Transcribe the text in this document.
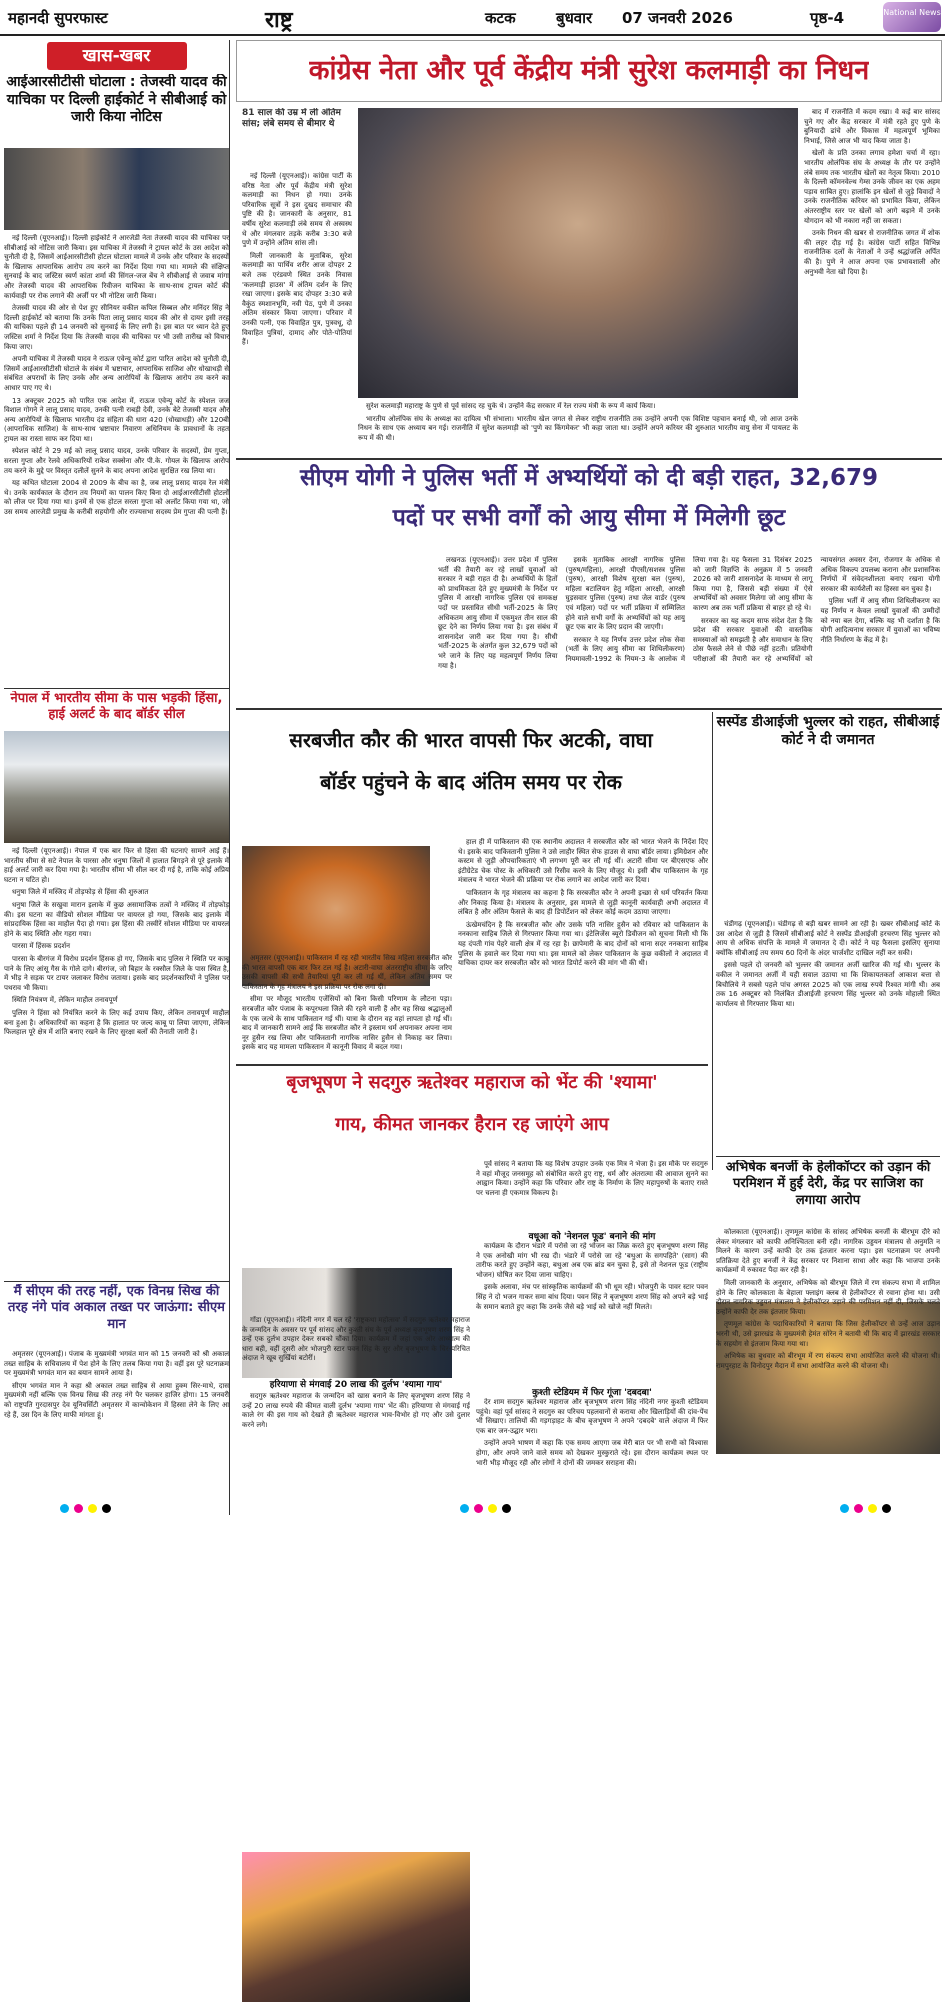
महानदी सुपरफास्ट	राष्ट्र	कटक	बुधवार 07 जनवरी 2026	पृष्ठ-4	National News
खास-खबर
आईआरसीटीसी घोटाला : तेजस्वी यादव की याचिका पर दिल्ली हाईकोर्ट ने सीबीआई को जारी किया नोटिस

नई दिल्ली (यूएनआई)। दिल्ली हाईकोर्ट ने आरजेडी नेता तेजस्वी यादव की याचिका पर सीबीआई को नोटिस जारी किया। इस याचिका में तेजस्वी ने ट्रायल कोर्ट के उस आदेश को चुनौती दी है, जिसमें आईआरसीटीसी होटल घोटाला मामले में उनके और परिवार के सदस्यों के खिलाफ आपराधिक आरोप तय करने का निर्देश दिया गया था। मामले की संक्षिप्त सुनवाई के बाद जस्टिस स्वर्ण कांता शर्मा की सिंगल-जज बेंच ने सीबीआई से जवाब मांगा और तेजस्वी यादव की आपराधिक रिवीजन याचिका के साथ-साथ ट्रायल कोर्ट की कार्यवाही पर रोक लगाने की अर्जी पर भी नोटिस जारी किया।

तेजस्वी यादव की ओर से पेश हुए सीनियर वकील कपिल सिब्बल और मनिंदर सिंह ने दिल्ली हाईकोर्ट को बताया कि उनके पिता लालू प्रसाद यादव की ओर से दायर इसी तरह की याचिका पहले ही 14 जनवरी को सुनवाई के लिए लगी है। इस बात पर ध्यान देते हुए जस्टिस शर्मा ने निर्देश दिया कि तेजस्वी यादव की याचिका पर भी उसी तारीख को विचार किया जाए।

अपनी याचिका में तेजस्वी यादव ने राऊज एवेन्यू कोर्ट द्वारा पारित आदेश को चुनौती दी, जिसमें आईआरसीटीसी घोटाले के संबंध में भ्रष्टाचार, आपराधिक साजिश और धोखाधड़ी से संबंधित अपराधों के लिए उनके और अन्य आरोपियों के खिलाफ आरोप तय करने का आधार पाए गए थे।

13 अक्टूबर 2025 को पारित एक आदेश में, राऊज एवेन्यू कोर्ट के स्पेशल जज विशाल गोगने ने लालू प्रसाद यादव, उनकी पत्नी राबड़ी देवी, उनके बेटे तेजस्वी यादव और अन्य आरोपियों के खिलाफ भारतीय दंड संहिता की धारा 420 (धोखाधड़ी) और 120बी (आपराधिक साजिश) के साथ-साथ भ्रष्टाचार निवारण अधिनियम के प्रावधानों के तहत ट्रायल का रास्ता साफ कर दिया था।

स्पेशल कोर्ट ने 29 मई को लालू प्रसाद यादव, उनके परिवार के सदस्यों, प्रेम गुप्ता, सरला गुप्ता और रेलवे अधिकारियों राकेश सक्सेना और पी.के. गोयल के खिलाफ आरोप तय करने के मुद्दे पर विस्तृत दलीलें सुनने के बाद अपना आदेश सुरक्षित रख लिया था।

यह कथित घोटाला 2004 से 2009 के बीच का है, जब लालू प्रसाद यादव रेल मंत्री थे। उनके कार्यकाल के दौरान तय नियमों का पालन किए बिना दो आईआरसीटीसी होटलों को लीज पर दिया गया था। इनमें से एक होटल सरला गुप्ता को अलॉट किया गया था, जो उस समय आरजेडी प्रमुख के करीबी सहयोगी और राज्यसभा सदस्य प्रेम गुप्ता की पत्नी हैं।

नेपाल में भारतीय सीमा के पास भड़की हिंसा, हाई अलर्ट के बाद बॉर्डर सील

नई दिल्ली (यूएनआई)। नेपाल में एक बार फिर से हिंसा की घटनाएं सामने आई हैं। भारतीय सीमा से सटे नेपाल के पारसा और धनुषा जिलों में हालात बिगड़ने से पूरे इलाके में हाई अलर्ट जारी कर दिया गया है। भारतीय सीमा भी सील कर दी गई है, ताकि कोई अप्रिय घटना न घटित हो।

धनुषा जिले में मस्जिद में तोड़फोड़ से हिंसा की शुरुआत

धनुषा जिले के सखुवा मारान इलाके में कुछ असामाजिक तत्वों ने मस्जिद में तोड़फोड़ की। इस घटना का वीडियो सोशल मीडिया पर वायरल हो गया, जिसके बाद इलाके में सांप्रदायिक हिंसा का माहौल पैदा हो गया। इस हिंसा की तस्वीरें सोशल मीडिया पर वायरल होने के बाद स्थिति और गहरा गया।

पारसा में हिंसक प्रदर्शन

पारसा के बीरगंज में विरोध प्रदर्शन हिंसक हो गए, जिसके बाद पुलिस ने स्थिति पर काबू पाने के लिए आंसू गैस के गोले दागे। बीरगंज, जो बिहार के रक्सौल जिले के पास स्थित है, में भीड़ ने सड़क पर टायर जलाकर विरोध जताया। इसके बाद प्रदर्शनकारियों ने पुलिस पर पथराव भी किया।

स्थिति नियंत्रण में, लेकिन माहौल तनावपूर्ण

पुलिस ने हिंसा को नियंत्रित करने के लिए कई उपाय किए, लेकिन तनावपूर्ण माहौल बना हुआ है। अधिकारियों का कहना है कि हालात पर जल्द काबू पा लिया जाएगा, लेकिन फिलहाल पूरे क्षेत्र में शांति बनाए रखने के लिए सुरक्षा बलों की तैनाती जारी है।

मैं सीएम की तरह नहीं, एक विनम्र सिख की तरह नंगे पांव अकाल तख्त पर जाऊंगा: सीएम मान

अमृतसर (यूएनआई)। पंजाब के मुख्यमंत्री भगवंत मान को 15 जनवरी को श्री अकाल तख्त साहिब के सचिवालय में पेश होने के लिए तलब किया गया है। वहीं इस पूरे घटनाक्रम पर मुख्यमंत्री भगवंत मान का बयान सामने आया है।

सीएम भगवंत मान ने कहा श्री अकाल तख्त साहिब से आया हुक्म सिर-माथे, दास मुख्यमंत्री नहीं बल्कि एक विनम्र सिख की तरह नंगे पैर चलकर हाजिर होगा। 15 जनवरी को राष्ट्रपति गुरदासपुर देव यूनिवर्सिटी अमृतसर में कान्वोकेशन में हिस्सा लेने के लिए आ रहे हैं, उस दिन के लिए माफी मांगता हूं।

कांग्रेस नेता और पूर्व केंद्रीय मंत्री सुरेश कलमाड़ी का निधन
81 साल की उम्र में ली अंतिम सांस; लंबे समय से बीमार थे

नई दिल्ली (यूएनआई)। कांग्रेस पार्टी के वरिष्ठ नेता और पूर्व केंद्रीय मंत्री सुरेश कलमाड़ी का निधन हो गया। उनके परिवारिक सूत्रों ने इस दुखद समाचार की पुष्टि की है। जानकारी के अनुसार, 81 वर्षीय सुरेश कलमाड़ी लंबे समय से अस्वस्थ थे और मंगलवार तड़के करीब 3:30 बजे पुणे में उन्होंने अंतिम सांस ली।

मिली जानकारी के मुताबिक, सुरेश कलमाड़ी का पार्थिव शरीर आज दोपहर 2 बजे तक एरंडवणे स्थित उनके निवास 'कलमाड़ी हाउस' में अंतिम दर्शन के लिए रखा जाएगा। इसके बाद दोपहर 3:30 बजे वैकुंठ स्मशानभूमि, नवी पेठ, पुणे में उनका अंतिम संस्कार किया जाएगा। परिवार में उनकी पत्नी, एक विवाहित पुत्र, पुत्रवधू, दो विवाहित पुत्रियां, दामाद और पोते-पोतियां हैं।

सुरेश कलमाड़ी महाराष्ट्र के पुणे से पूर्व सांसद रह चुके थे। उन्होंने केंद्र सरकार में रेल राज्य मंत्री के रूप में कार्य किया।

भारतीय ओलंपिक संघ के अध्यक्ष का दायित्व भी संभाला। भारतीय खेल जगत से लेकर राष्ट्रीय राजनीति तक उन्होंने अपनी एक विशिष्ट पहचान बनाई थी, जो आज उनके निधन के साथ एक अध्याय बन गई। राजनीति में सुरेश कलमाड़ी को 'पुणे का किंगमेकर' भी कहा जाता था। उन्होंने अपने करियर की शुरुआत भारतीय वायु सेना में पायलट के रूप में की थी।

बाद में राजनीति में कदम रखा। वे कई बार सांसद चुने गए और केंद्र सरकार में मंत्री रहते हुए पुणे के बुनियादी ढांचे और विकास में महत्वपूर्ण भूमिका निभाई, जिसे आज भी याद किया जाता है।

खेलों के प्रति उनका लगाव हमेशा चर्चा में रहा। भारतीय ओलंपिक संघ के अध्यक्ष के तौर पर उन्होंने लंबे समय तक भारतीय खेलों का नेतृत्व किया। 2010 के दिल्ली कॉमनवेल्थ गेम्स उनके जीवन का एक अहम पड़ाव साबित हुए। हालांकि इन खेलों से जुड़े विवादों ने उनके राजनीतिक करियर को प्रभावित किया, लेकिन अंतरराष्ट्रीय स्तर पर खेलों को आगे बढ़ाने में उनके योगदान को भी नकारा नहीं जा सकता।

उनके निधन की खबर से राजनीतिक जगत में शोक की लहर दौड़ गई है। कांग्रेस पार्टी सहित विभिन्न राजनीतिक दलों के नेताओं ने उन्हें श्रद्धांजलि अर्पित की है। पुणे ने आज अपना एक प्रभावशाली और अनुभवी नेता खो दिया है।

सीएम योगी ने पुलिस भर्ती में अभ्यर्थियों को दी बड़ी राहत, 32,679
पदों पर सभी वर्गों को आयु सीमा में मिलेगी छूट

लखनऊ (यूएनआई)। उत्तर प्रदेश में पुलिस भर्ती की तैयारी कर रहे लाखों युवाओं को सरकार ने बड़ी राहत दी है। अभ्यर्थियों के हितों को प्राथमिकता देते हुए मुख्यमंत्री के निर्देश पर पुलिस में आरक्षी नागरिक पुलिस एवं समकक्ष पदों पर प्रस्तावित सीधी भर्ती-2025 के लिए अधिकतम आयु सीमा में एकमुश्त तीन साल की छूट देने का निर्णय लिया गया है। इस संबंध में शासनादेश जारी कर दिया गया है। सीधी भर्ती-2025 के अंतर्गत कुल 32,679 पदों को भरे जाने के लिए यह महत्वपूर्ण निर्णय लिया गया है।

इसके मुताबिक आरक्षी नागरिक पुलिस (पुरुष/महिला), आरक्षी पीएसी/सशस्त्र पुलिस (पुरुष), आरक्षी विशेष सुरक्षा बल (पुरुष), महिला बटालियन हेतु महिला आरक्षी, आरक्षी घुड़सवार पुलिस (पुरुष) तथा जेल वार्डर (पुरुष एवं महिला) पदों पर भर्ती प्रक्रिया में सम्मिलित होने वाले सभी वर्गों के अभ्यर्थियों को यह आयु छूट एक बार के लिए प्रदान की जाएगी।

सरकार ने यह निर्णय उत्तर प्रदेश लोक सेवा (भर्ती के लिए आयु सीमा का शिथिलीकरण) नियमावली-1992 के नियम-3 के आलोक में लिया गया है। यह फैसला 31 दिसंबर 2025 को जारी विज्ञप्ति के अनुक्रम में 5 जनवरी 2026 को जारी शासनादेश के माध्यम से लागू किया गया है, जिससे बड़ी संख्या में ऐसे अभ्यर्थियों को अवसर मिलेगा जो आयु सीमा के कारण अब तक भर्ती प्रक्रिया से बाहर हो रहे थे।

सरकार का यह कदम साफ संदेश देता है कि प्रदेश की सरकार युवाओं की वास्तविक समस्याओं को समझती है और समाधान के लिए ठोस फैसले लेने से पीछे नहीं हटती। प्रतियोगी परीक्षाओं की तैयारी कर रहे अभ्यर्थियों को न्यायसंगत अवसर देना, रोजगार के अधिक से अधिक विकल्प उपलब्ध कराना और प्रशासनिक निर्णयों में संवेदनशीलता बनाए रखना योगी सरकार की कार्यशैली का हिस्सा बन चुका है।

पुलिस भर्ती में आयु सीमा शिथिलीकरण का यह निर्णय न केवल लाखों युवाओं की उम्मीदों को नया बल देगा, बल्कि यह भी दर्शाता है कि योगी आदित्यनाथ सरकार में युवाओं का भविष्य नीति निर्धारण के केंद्र में है।

सरबजीत कौर की भारत वापसी फिर अटकी, वाघा
बॉर्डर पहुंचने के बाद अंतिम समय पर रोक

अमृतसर (यूएनआई)। पाकिस्तान में रह रही भारतीय सिख महिला सरबजीत कौर की भारत वापसी एक बार फिर टल गई है। अटारी-वाघा अंतरराष्ट्रीय सीमा के जरिए उसकी वापसी की सभी तैयारियां पूरी कर ली गई थीं, लेकिन अंतिम समय पर पाकिस्तान के गृह मंत्रालय ने इस प्रक्रिया पर रोक लगा दी।

सीमा पर मौजूद भारतीय एजेंसियों को बिना किसी परिणाम के लौटना पड़ा। सरबजीत कौर पंजाब के कपूरथला जिले की रहने वाली हैं और वह सिख श्रद्धालुओं के एक जत्थे के साथ पाकिस्तान गई थीं। यात्रा के दौरान वह वहां लापता हो गई थीं। बाद में जानकारी सामने आई कि सरबजीत कौर ने इस्लाम धर्म अपनाकर अपना नाम नूर हुसैन रख लिया और पाकिस्तानी नागरिक नासिर हुसैन से निकाह कर लिया। इसके बाद यह मामला पाकिस्तान में कानूनी विवाद में बदल गया।

हाल ही में पाकिस्तान की एक स्थानीय अदालत ने सरबजीत कौर को भारत भेजने के निर्देश दिए थे। इसके बाद पाकिस्तानी पुलिस ने उसे लाहौर स्थित सेफ हाउस से वाघा बॉर्डर लाया। इमिग्रेशन और कस्टम से जुड़ी औपचारिकताएं भी लगभग पूरी कर ली गई थीं। अटारी सीमा पर बीएसएफ और इंटीग्रेटेड चेक पोस्ट के अधिकारी उसे रिसीव करने के लिए मौजूद थे। इसी बीच पाकिस्तान के गृह मंत्रालय ने भारत भेजने की प्रक्रिया पर रोक लगाने का आदेश जारी कर दिया।

पाकिस्तान के गृह मंत्रालय का कहना है कि सरबजीत कौर ने अपनी इच्छा से धर्म परिवर्तन किया और निकाह किया है। मंत्रालय के अनुसार, इस मामले से जुड़ी कानूनी कार्यवाही अभी अदालत में लंबित है और अंतिम फैसले के बाद ही डिपोर्टेशन को लेकर कोई कदम उठाया जाएगा।

ऊंखेमचंदिन है कि सरबजीत कौर और उसके पति नासिर हुसैन को रविवार को पाकिस्तान के ननकाना साहिब जिले से गिरफ्तार किया गया था। इंटेलिजेंस ब्यूरो डिवीजन को सूचना मिली थी कि यह दंपती गांव पेहरे वाली क्षेत्र में रह रहा है। छापेमारी के बाद दोनों को थाना सदर ननकाना साहिब पुलिस के हवाले कर दिया गया था। इस मामले को लेकर पाकिस्तान के कुछ वकीलों ने अदालत में याचिका दायर कर सरबजीत कौर को भारत डिपोर्ट करने की मांग भी की थी।

सस्पेंड डीआईजी भुल्लर को राहत, सीबीआई कोर्ट ने दी जमानत

चंडीगढ़ (यूएनआई)। चंडीगढ़ से बड़ी खबर सामने आ रही है। खबर सीबीआई कोर्ट के उस आदेश से जुड़ी है जिसमें सीबीआई कोर्ट ने सस्पेंड डीआईजी हरचरण सिंह भुल्लर को आय से अधिक संपत्ति के मामले में जमानत दे दी। कोर्ट ने यह फैसला इसलिए सुनाया क्योंकि सीबीआई तय समय 60 दिनों के अंदर चार्जशीट दाखिल नहीं कर सकी।

इससे पहले दो जनवरी को भुल्लर की जमानत अर्जी खारिज की गई थी। भुल्लर के वकील ने जमानत अर्जी में यही सवाल उठाया था कि शिकायतकर्ता आकाश बत्ता से बिचौलिये ने सबसे पहले पांच अगस्त 2025 को एक लाख रुपये रिश्वत मांगी थी। अब तक 16 अक्टूबर को निलंबित डीआईजी हरचरण सिंह भुल्लर को उनके मोहाली स्थित कार्यालय से गिरफ्तार किया था।

अभिषेक बनर्जी के हेलीकॉप्टर को उड़ान की परमिशन में हुई देरी, केंद्र पर साजिश का लगाया आरोप

कोलकाता (यूएनआई)। तृणमूल कांग्रेस के सांसद अभिषेक बनर्जी के बीरभूम दौरे को लेकर मंगलवार को काफी अनिश्चितता बनी रही। नागरिक उड्डयन मंत्रालय से अनुमति न मिलने के कारण उन्हें काफी देर तक इंतजार करना पड़ा। इस घटनाक्रम पर अपनी प्रतिक्रिया देते हुए बनर्जी ने केंद्र सरकार पर निशाना साधा और कहा कि भाजपा उनके कार्यक्रमों में रुकावट पैदा कर रही है।

मिली जानकारी के अनुसार, अभिषेक को बीरभूम जिले में रण संकल्प सभा में शामिल होने के लिए कोलकाता के बेहाला फ्लाइंग क्लब से हेलीकॉप्टर से रवाना होना था। उसी दौरान नागरिक उड्डयन मंत्रालय ने हेलीकॉप्टर उड़ाने की परमिशन नहीं दी, जिसके चलते उन्होंने काफी देर तक इंतजार किया।

तृणमूल कांग्रेस के पदाधिकारियों ने बताया कि जिस हेलीकॉप्टर से उन्हें आज उड़ान भरनी थी, उसे झारखंड के मुख्यमंत्री हेमंत सोरेन ने बतायी थी कि बाद में झारखंड सरकार के सहयोग से इंतजाम किया गया था।

अभिषेक का बुधवार को बीरभूम में रण संकल्प सभा आयोजित करने की योजना थी। रामपुरहाट के विनोदपुर मैदान में सभा आयोजित करने की योजना थी।

बृजभूषण ने सदगुरु ऋतेश्वर महाराज को भेंट की 'श्यामा'
गाय, कीमत जानकर हैरान रह जाएंगे आप

गोंडा (यूएनआई)। नंदिनी नगर में चल रहे 'राष्ट्रकथा महोत्सव' में सदगुरु ऋतेश्वर महाराज के जन्मदिन के अवसर पर पूर्व सांसद और कुश्ती संघ के पूर्व अध्यक्ष बृजभूषण शरण सिंह ने उन्हें एक दुर्लभ उपहार देकर सबको चौंका दिया। कार्यक्रम में जहां एक ओर आध्यात्म की धारा बही, वहीं दूसरी ओर भोजपुरी स्टार पवन सिंह के सुर और बृजभूषण के चिर-परिचित अंदाज ने खूब सुर्खियां बटोरीं।

हरियाणा से मंगवाई 20 लाख की दुर्लभ 'श्यामा गाय'

सदगुरु ऋतेश्वर महाराज के जन्मदिन को खास बनाने के लिए बृजभूषण शरण सिंह ने उन्हें 20 लाख रुपये की कीमत वाली दुर्लभ 'श्यामा गाय' भेंट की। हरियाणा से मंगवाई गई काले रंग की इस गाय को देखते ही ऋतेश्वर महाराज भाव-विभोर हो गए और उसे दुलार करने लगे।

पूर्व सांसद ने बताया कि यह विशेष उपहार उनके एक मित्र ने भेजा है। इस मौके पर सदगुरु ने वहां मौजूद जनसमूह को संबोधित करते हुए राष्ट्र, धर्म और अंतरात्मा की आवाज सुनने का आह्वान किया। उन्होंने कहा कि परिवार और राष्ट्र के निर्माण के लिए महापुरुषों के बताए रास्ते पर चलना ही एकमात्र विकल्प है।

वधूआ को 'नेशनल फूड' बनाने की मांग

कार्यक्रम के दौरान भंडारे में परोसे जा रहे भोजन का जिक्र करते हुए बृजभूषण शरण सिंह ने एक अनोखी मांग भी रख दी। भंडारे में परोसे जा रहे 'बथुआ के सगपहिते' (साग) की तारीफ करते हुए उन्होंने कहा, बथुआ अब एक ब्रांड बन चुका है, इसे तो नेशनल फूड (राष्ट्रीय भोजन) घोषित कर दिया जाना चाहिए।

इसके अलावा, मंच पर सांस्कृतिक कार्यक्रमों की भी धूम रही। भोजपुरी के पावर स्टार पवन सिंह ने दो भजन गाकर समा बांध दिया। पवन सिंह ने बृजभूषण शरण सिंह को अपने बड़े भाई के समान बताते हुए कहा कि उनके जैसे बड़े भाई को खोजे नहीं मिलते।

कुश्ती स्टेडियम में फिर गूंजा 'दबदबा'

देर शाम सदगुरु ऋतेश्वर महाराज और बृजभूषण शरण सिंह नंदिनी नगर कुश्ती स्टेडियम पहुंचे। वहां पूर्व सांसद ने सदगुरु का परिचय पहलवानों से कराया और खिलाड़ियों की दांव-पेंच भी सिखाए। तालियों की गड़गड़ाहट के बीच बृजभूषण ने अपने 'दबदबे' वाले अंदाज में फिर एक बार जन-उद्घार भरा।

उन्होंने अपने भाषण में कहा कि एक समय आएगा जब मेरी बात पर भी सभी को विश्वास होगा, और अपने जाने वाले समय को देखकर मुस्कुराते रहे। इस दौरान कार्यक्रम स्थल पर भारी भीड़ मौजूद रही और लोगों ने दोनों की जमकर सराहना की।
